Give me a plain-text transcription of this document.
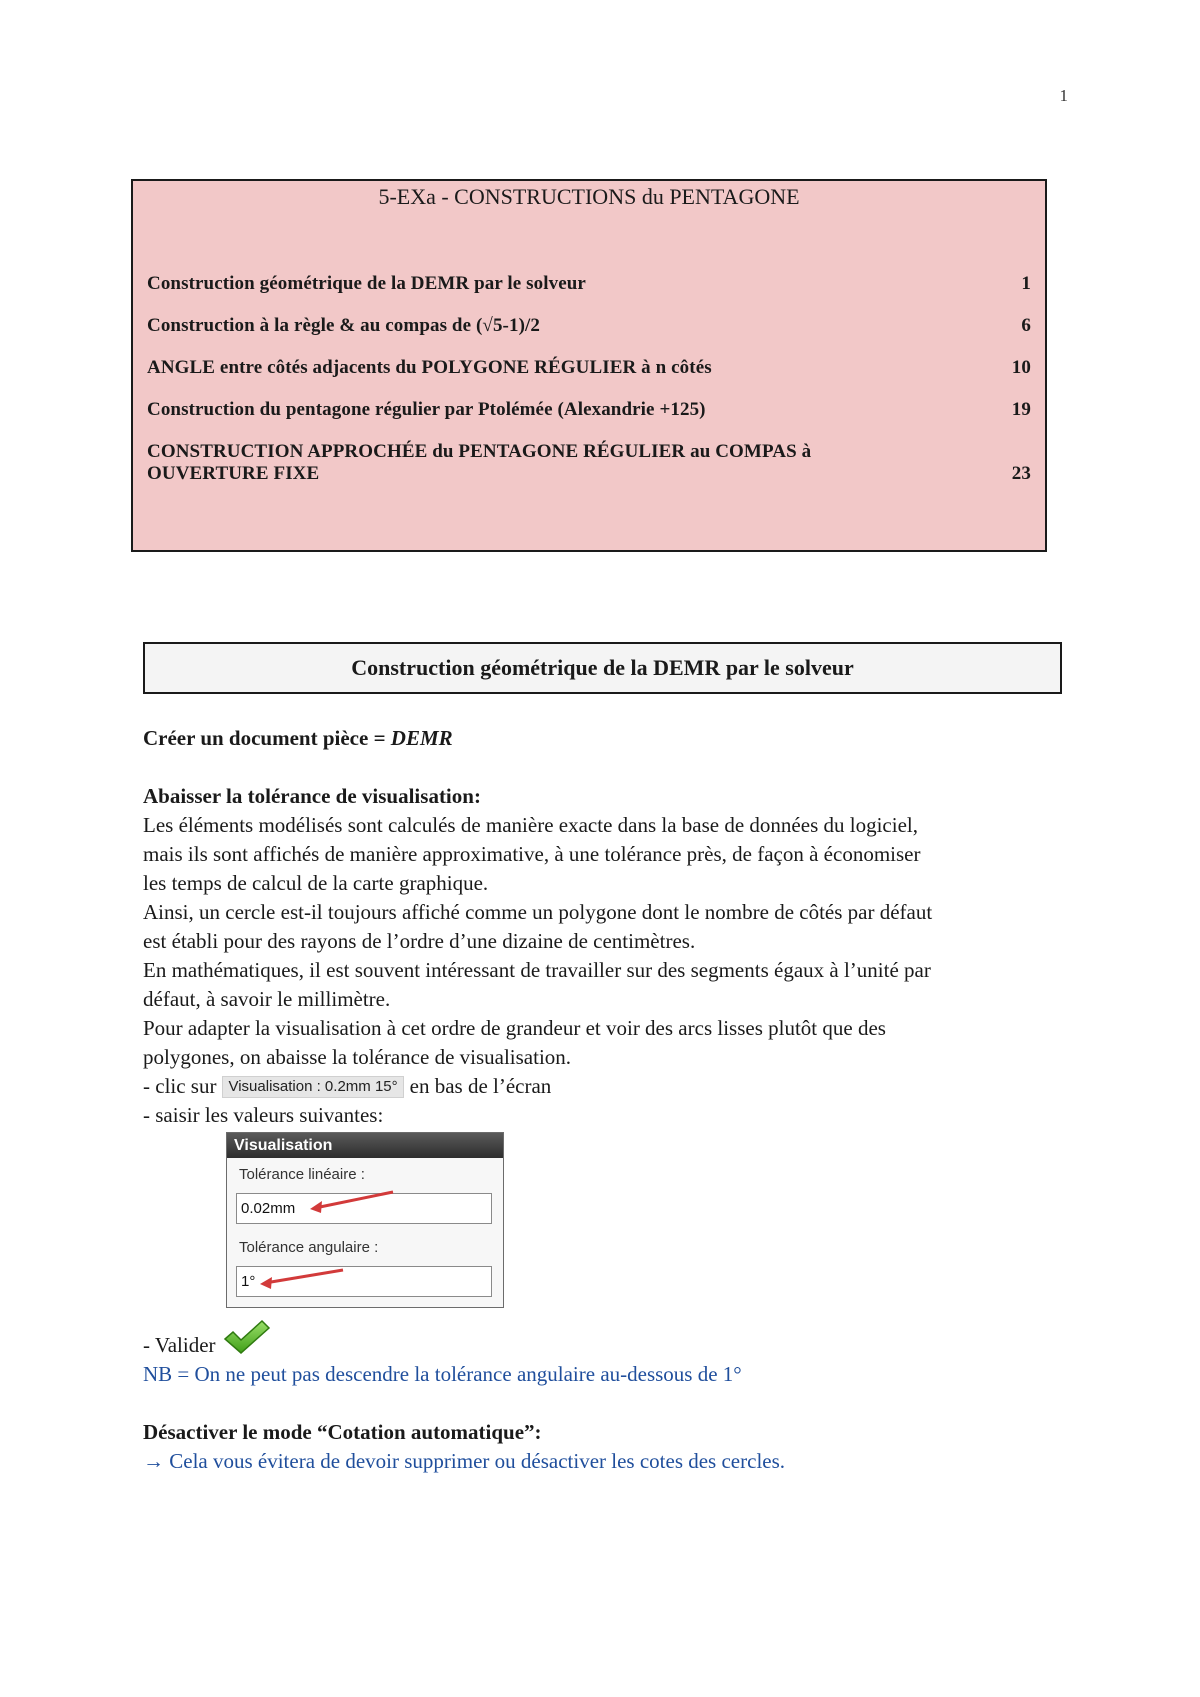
1
5-EXa - CONSTRUCTIONS du PENTAGONE
Construction géométrique de la DEMR par le solveur	1
Construction à la règle & au compas de (√5-1)/2	6
ANGLE entre côtés adjacents du POLYGONE RÉGULIER à n côtés	10
Construction du pentagone régulier par Ptolémée (Alexandrie +125)	19
CONSTRUCTION APPROCHÉE du PENTAGONE RÉGULIER au COMPAS à
OUVERTURE FIXE	23
Construction géométrique de la DEMR par le solveur
Créer un document pièce = DEMR
Abaisser la tolérance de visualisation:
Les éléments modélisés sont calculés de manière exacte dans la base de données du logiciel,
mais ils sont affichés de manière approximative, à une tolérance près, de façon à économiser
les temps de calcul de la carte graphique.
Ainsi, un cercle est-il toujours affiché comme un polygone dont le nombre de côtés par défaut
est établi pour des rayons de l’ordre d’une dizaine de centimètres.
En mathématiques, il est souvent intéressant de travailler sur des segments égaux à l’unité par
défaut, à savoir le millimètre.
Pour adapter la visualisation à cet ordre de grandeur et voir des arcs lisses plutôt que des
polygones, on abaisse la tolérance de visualisation.
- clic sur Visualisation : 0.2mm 15° en bas de l’écran
- saisir les valeurs suivantes:
Visualisation
Tolérance linéaire :
0.02mm
Tolérance angulaire :
1°
- Valider
NB = On ne peut pas descendre la tolérance angulaire au-dessous de 1°
Désactiver le mode “Cotation automatique”:
→ Cela vous évitera de devoir supprimer ou désactiver les cotes des cercles.
